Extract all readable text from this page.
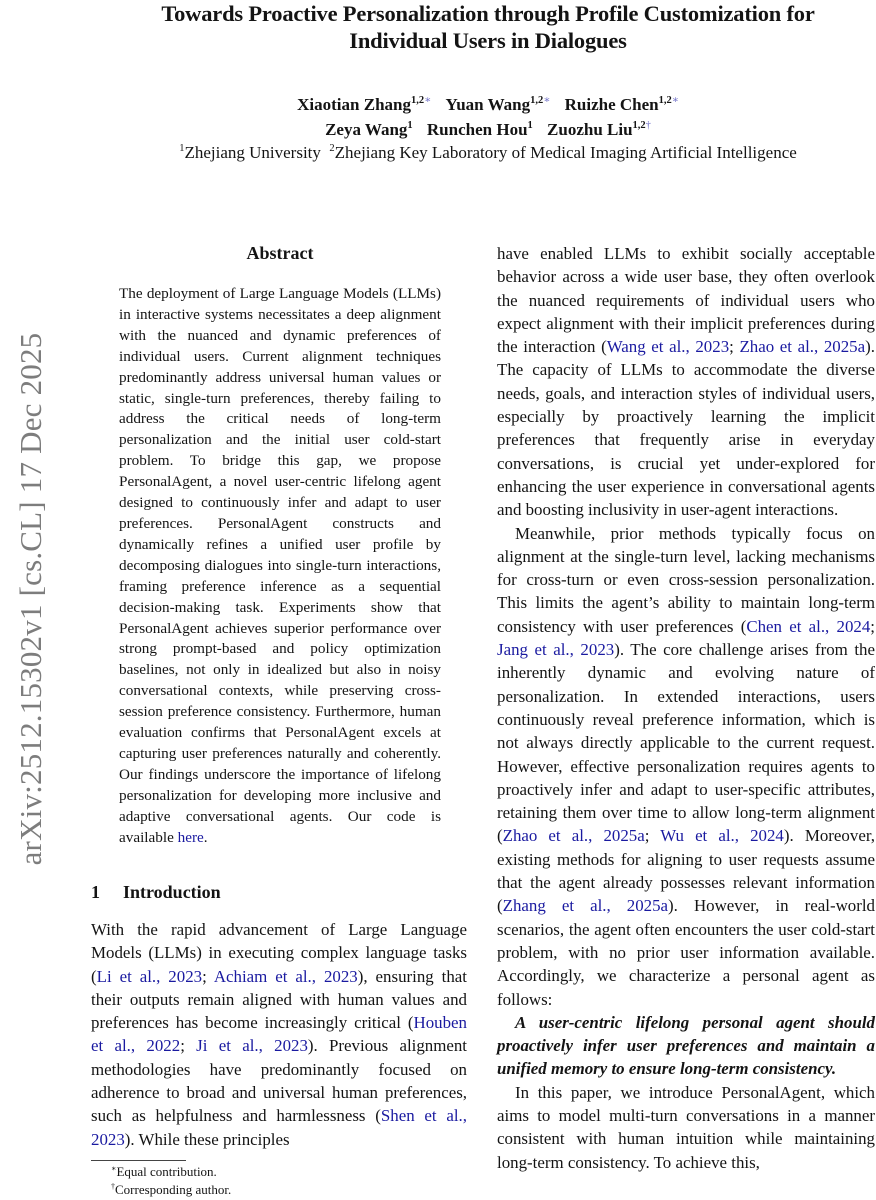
Towards Proactive Personalization through Profile Customization for
Individual Users in Dialogues
Xiaotian Zhang$^{1,2∗}$ Yuan Wang$^{1,2∗}$ Ruizhe Chen$^{1,2∗}$
Zeya Wang$^1$ Runchen Hou$^1$ Zuozhu Liu$^{1,2\dagger}$
$^1$Zhejiang University $^2$Zhejiang Key Laboratory of Medical Imaging Artificial Intelligence
arXiv:2512.15302v1 [cs.CL] 17 Dec 2025
Abstract

The deployment of Large Language Models (LLMs) in interactive systems necessitates a deep alignment with the nuanced and dynamic preferences of individual users. Current alignment techniques predominantly address universal human values or static, single-turn preferences, thereby failing to address the critical needs of long-term personalization and the initial user cold-start problem. To bridge this gap, we propose PersonalAgent, a novel user-centric lifelong agent designed to continuously infer and adapt to user preferences. PersonalAgent constructs and dynamically refines a unified user profile by decomposing dialogues into single-turn interactions, framing preference inference as a sequential decision-making task. Experiments show that PersonalAgent achieves superior performance over strong prompt-based and policy optimization baselines, not only in idealized but also in noisy conversational contexts, while preserving cross-session preference consistency. Furthermore, human evaluation confirms that PersonalAgent excels at capturing user preferences naturally and coherently. Our findings underscore the importance of lifelong personalization for developing more inclusive and adaptive conversational agents. Our code is available here.

1 Introduction

With the rapid advancement of Large Language Models (LLMs) in executing complex language tasks (Li et al., 2023; Achiam et al., 2023), ensuring that their outputs remain aligned with human values and preferences has become increasingly critical (Houben et al., 2022; Ji et al., 2023). Previous alignment methodologies have predominantly focused on adherence to broad and universal human preferences, such as helpfulness and harmlessness (Shen et al., 2023). While these principles

∗Equal contribution.
†Corresponding author.

have enabled LLMs to exhibit socially acceptable behavior across a wide user base, they often overlook the nuanced requirements of individual users who expect alignment with their implicit preferences during the interaction (Wang et al., 2023; Zhao et al., 2025a). The capacity of LLMs to accommodate the diverse needs, goals, and interaction styles of individual users, especially by proactively learning the implicit preferences that frequently arise in everyday conversations, is crucial yet under-explored for enhancing the user experience in conversational agents and boosting inclusivity in user-agent interactions.

Meanwhile, prior methods typically focus on alignment at the single-turn level, lacking mechanisms for cross-turn or even cross-session personalization. This limits the agent’s ability to maintain long-term consistency with user preferences (Chen et al., 2024; Jang et al., 2023). The core challenge arises from the inherently dynamic and evolving nature of personalization. In extended interactions, users continuously reveal preference information, which is not always directly applicable to the current request. However, effective personalization requires agents to proactively infer and adapt to user-specific attributes, retaining them over time to allow long-term alignment (Zhao et al., 2025a; Wu et al., 2024). Moreover, existing methods for aligning to user requests assume that the agent already possesses relevant information (Zhang et al., 2025a). However, in real-world scenarios, the agent often encounters the user cold-start problem, with no prior user information available. Accordingly, we characterize a personal agent as follows:

A user-centric lifelong personal agent should proactively infer user preferences and maintain a unified memory to ensure long-term consistency.

In this paper, we introduce PersonalAgent, which aims to model multi-turn conversations in a manner consistent with human intuition while maintaining long-term consistency. To achieve this,
